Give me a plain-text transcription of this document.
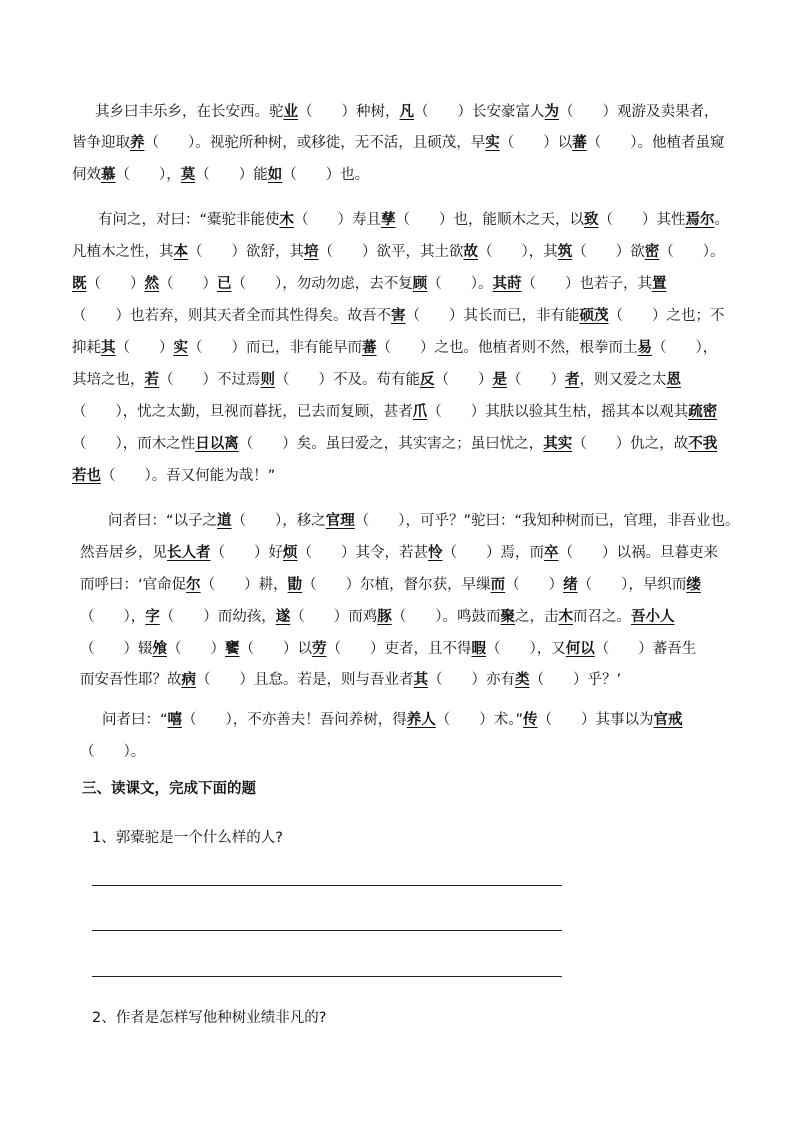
其乡曰丰乐乡，在长安西。驼业（　　）种树，凡（　　）长安豪富人为（　　）观游及卖果者，
皆争迎取养（　　）。视驼所种树，或移徙，无不活，且硕茂，早实（　　）以蕃（　　）。他植者虽窥
伺效慕（　　），莫（　　）能如（　　）也。
有问之，对曰：“橐驼非能使木（　　）寿且孳（　　）也，能顺木之天，以致（　　）其性焉尔。
凡植木之性，其本（　　）欲舒，其培（　　）欲平，其土欲故（　　），其筑（　　）欲密（　　）。
既（　　）然（　　）已（　　），勿动勿虑，去不复顾（　　）。其莳（　　）也若子，其置
（　　）也若弃，则其天者全而其性得矣。故吾不害（　　）其长而已，非有能硕茂（　　）之也；不
抑耗其（　　）实（　　）而已，非有能早而蕃（　　）之也。他植者则不然，根拳而土易（　　），
其培之也，若（　　）不过焉则（　　）不及。苟有能反（　　）是（　　）者，则又爱之太恩
（　　），忧之太勤，旦视而暮抚，已去而复顾，甚者爪（　　）其肤以验其生枯，摇其本以观其疏密
（　　），而木之性日以离（　　）矣。虽曰爱之，其实害之；虽曰忧之，其实（　　）仇之，故不我
若也（　　）。吾又何能为哉！”
问者曰：“以子之道（　　），移之官理（　　），可乎？”驼曰：“我知种树而已，官理，非吾业也。
然吾居乡，见长人者（　　）好烦（　　）其令，若甚怜（　　）焉，而卒（　　）以祸。旦暮吏来
而呼曰：‘官命促尔（　　）耕，勖（　　）尔植，督尔获，早缫而（　　）绪（　　），早织而缕
（　　），字（　　）而幼孩，遂（　　）而鸡豚（　　）。鸣鼓而聚之，击木而召之。吾小人
（　　）辍飧（　　）饔（　　）以劳（　　）吏者，且不得暇（　　），又何以（　　）蕃吾生
而安吾性耶？故病（　　）且怠。若是，则与吾业者其（　　）亦有类（　　）乎？’
问者曰：“嘻（　　），不亦善夫！吾问养树，得养人（　　）术。”传（　　）其事以为官戒
（　　）。
三、读课文，完成下面的题
1、郭橐驼是一个什么样的人?
2、作者是怎样写他种树业绩非凡的?
